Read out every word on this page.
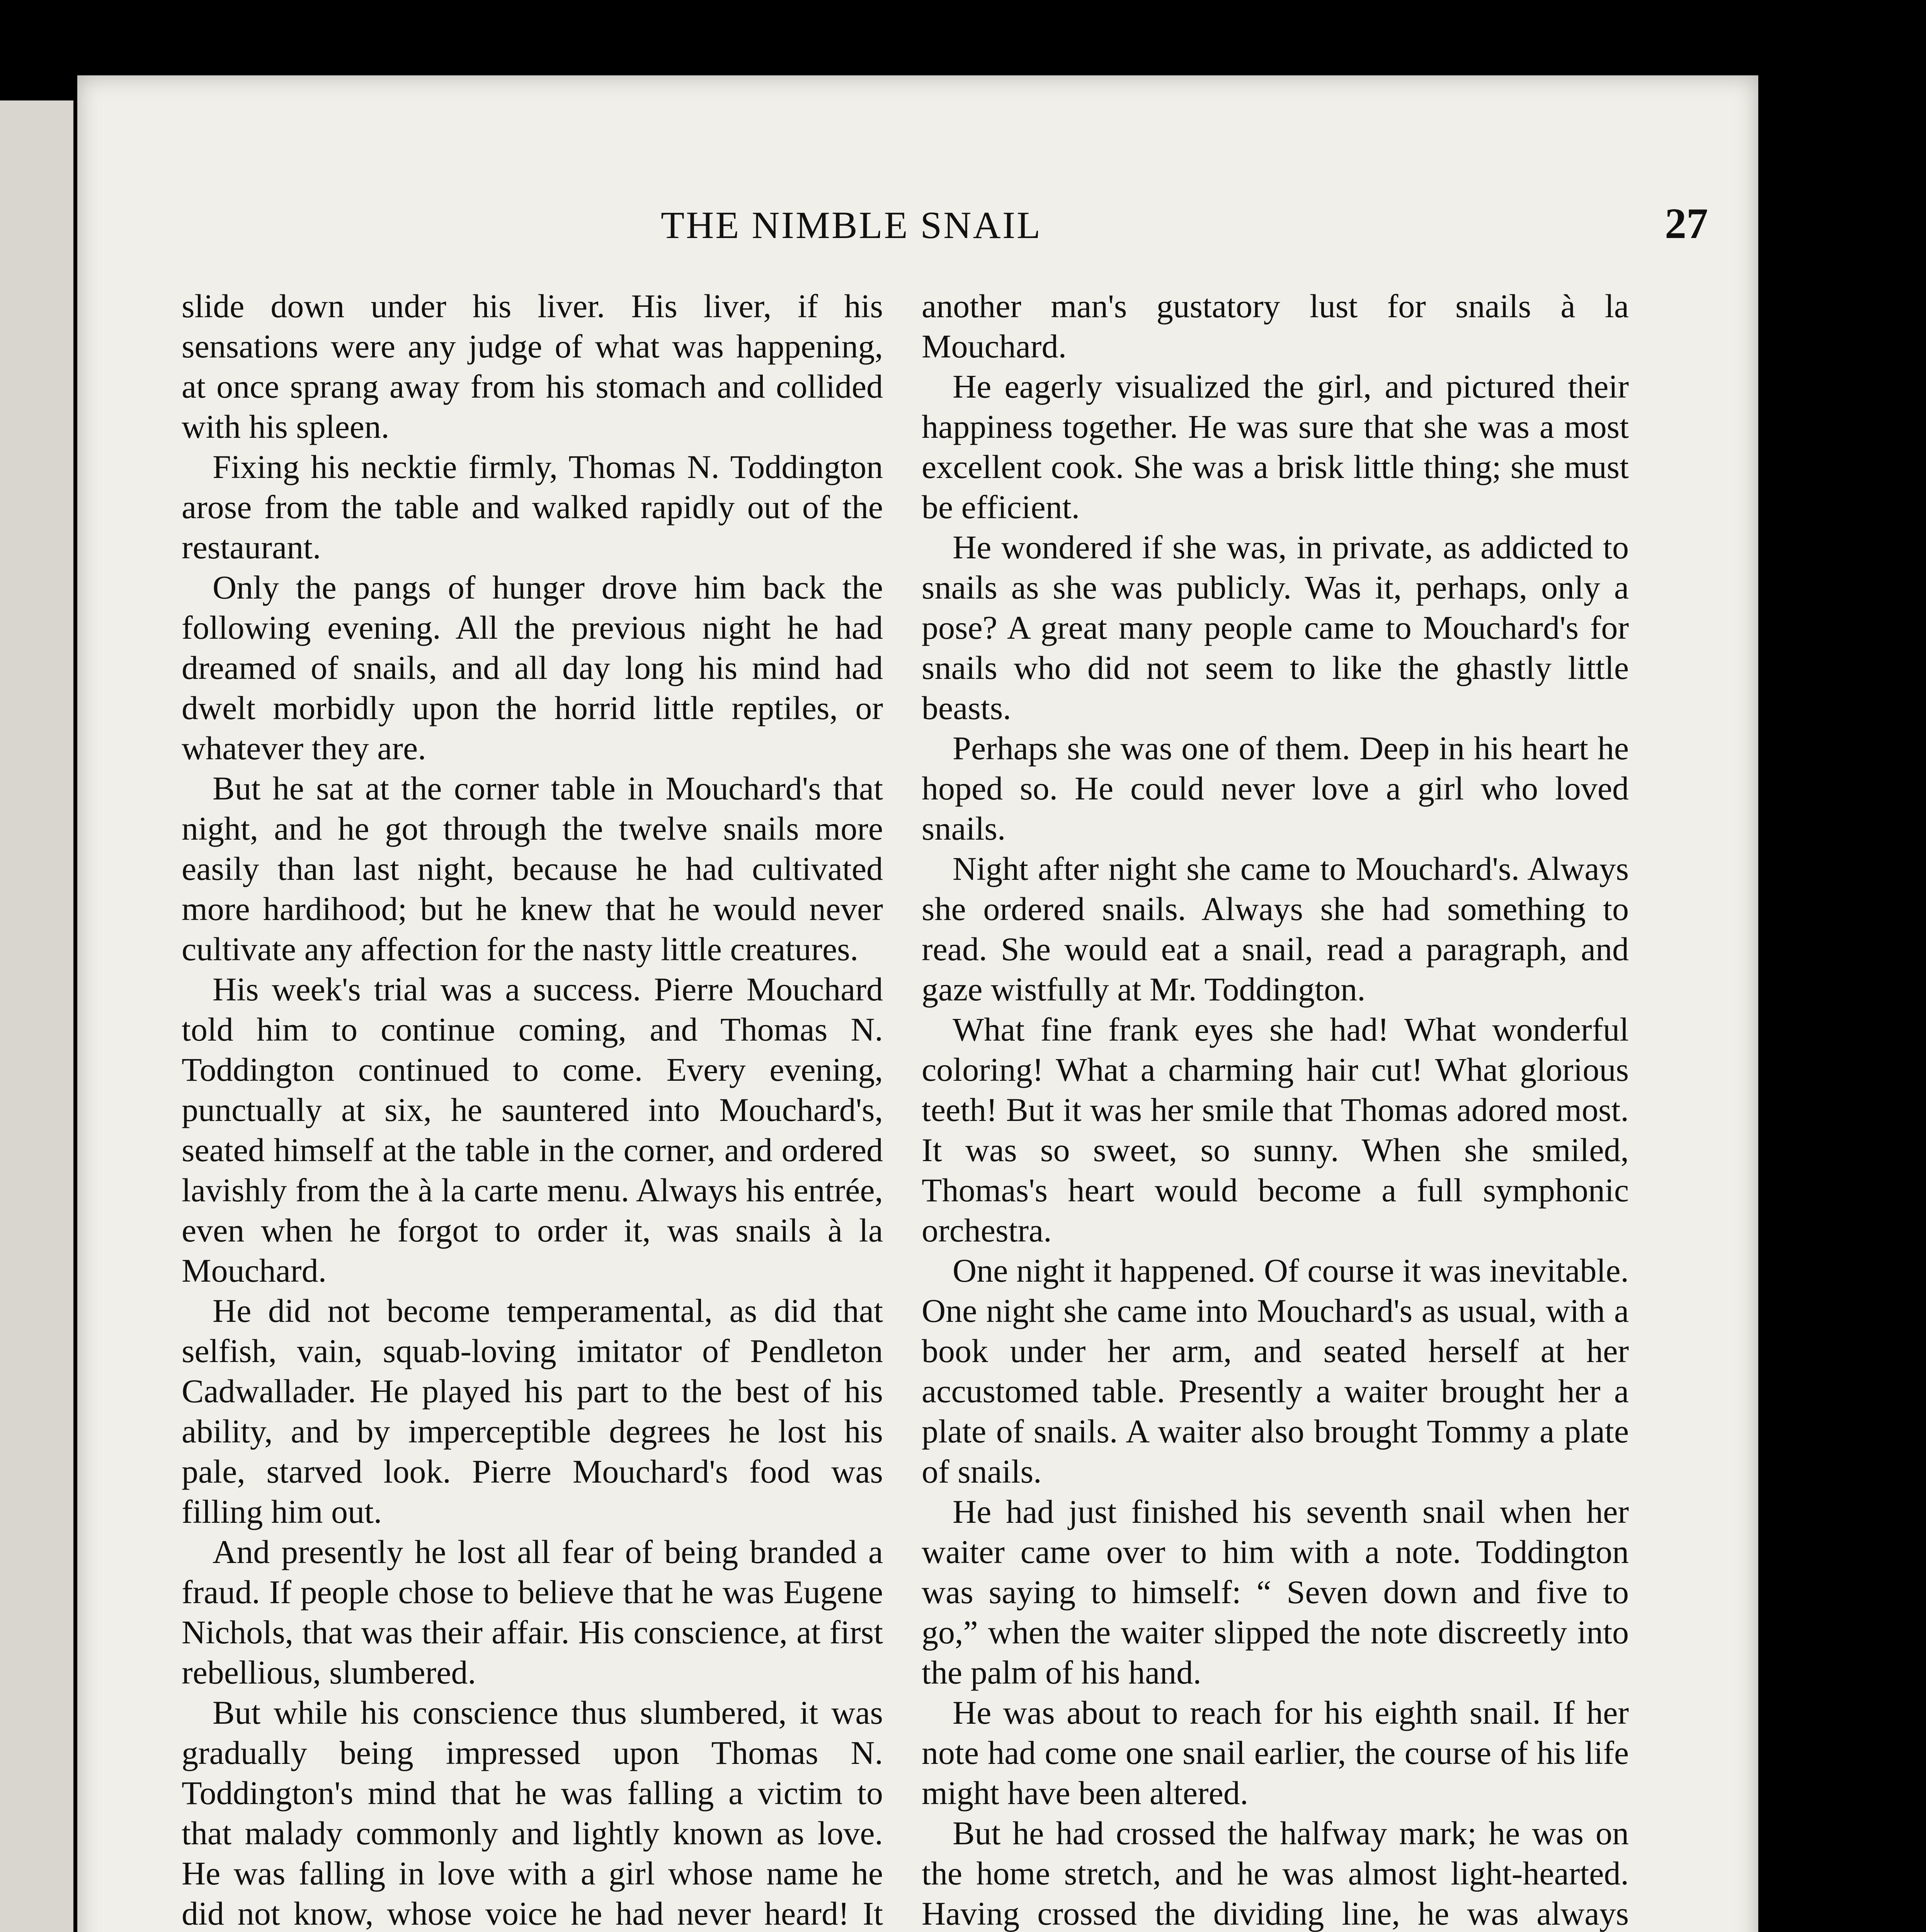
THE NIMBLE SNAIL	27

slide down under his liver. His liver, if his sensations were any judge of what was happening, at once sprang away from his stomach and collided with his spleen.

Fixing his necktie firmly, Thomas N. Toddington arose from the table and walked rapidly out of the restaurant.

Only the pangs of hunger drove him back the following evening. All the previous night he had dreamed of snails, and all day long his mind had dwelt morbidly upon the horrid little reptiles, or whatever they are.

But he sat at the corner table in Mouchard's that night, and he got through the twelve snails more easily than last night, because he had cultivated more hardihood; but he knew that he would never cultivate any affection for the nasty little creatures.

His week's trial was a success. Pierre Mouchard told him to continue coming, and Thomas N. Toddington continued to come. Every evening, punctually at six, he sauntered into Mouchard's, seated himself at the table in the corner, and ordered lavishly from the à la carte menu. Always his entrée, even when he forgot to order it, was snails à la Mouchard.

He did not become temperamental, as did that selfish, vain, squab-loving imitator of Pendleton Cadwallader. He played his part to the best of his ability, and by imperceptible degrees he lost his pale, starved look. Pierre Mouchard's food was filling him out.

And presently he lost all fear of being branded a fraud. If people chose to believe that he was Eugene Nichols, that was their affair. His conscience, at first rebellious, slumbered.

But while his conscience thus slumbered, it was gradually being impressed upon Thomas N. Toddington's mind that he was falling a victim to that malady commonly and lightly known as love. He was falling in love with a girl whose name he did not know, whose voice he had never heard! It

another man's gustatory lust for snails à la Mouchard.

He eagerly visualized the girl, and pictured their happiness together. He was sure that she was a most excellent cook. She was a brisk little thing; she must be efficient.

He wondered if she was, in private, as addicted to snails as she was publicly. Was it, perhaps, only a pose? A great many people came to Mouchard's for snails who did not seem to like the ghastly little beasts.

Perhaps she was one of them. Deep in his heart he hoped so. He could never love a girl who loved snails.

Night after night she came to Mouchard's. Always she ordered snails. Always she had something to read. She would eat a snail, read a paragraph, and gaze wistfully at Mr. Toddington.

What fine frank eyes she had! What wonderful coloring! What a charming hair cut! What glorious teeth! But it was her smile that Thomas adored most. It was so sweet, so sunny. When she smiled, Thomas's heart would become a full symphonic orchestra.

One night it happened. Of course it was inevitable. One night she came into Mouchard's as usual, with a book under her arm, and seated herself at her accustomed table. Presently a waiter brought her a plate of snails. A waiter also brought Tommy a plate of snails.

He had just finished his seventh snail when her waiter came over to him with a note. Toddington was saying to himself: “ Seven down and five to go,” when the waiter slipped the note discreetly into the palm of his hand.

He was about to reach for his eighth snail. If her note had come one snail earlier, the course of his life might have been altered.

But he had crossed the halfway mark; he was on the home stretch, and he was almost light-hearted. Having crossed the dividing line, he was always
